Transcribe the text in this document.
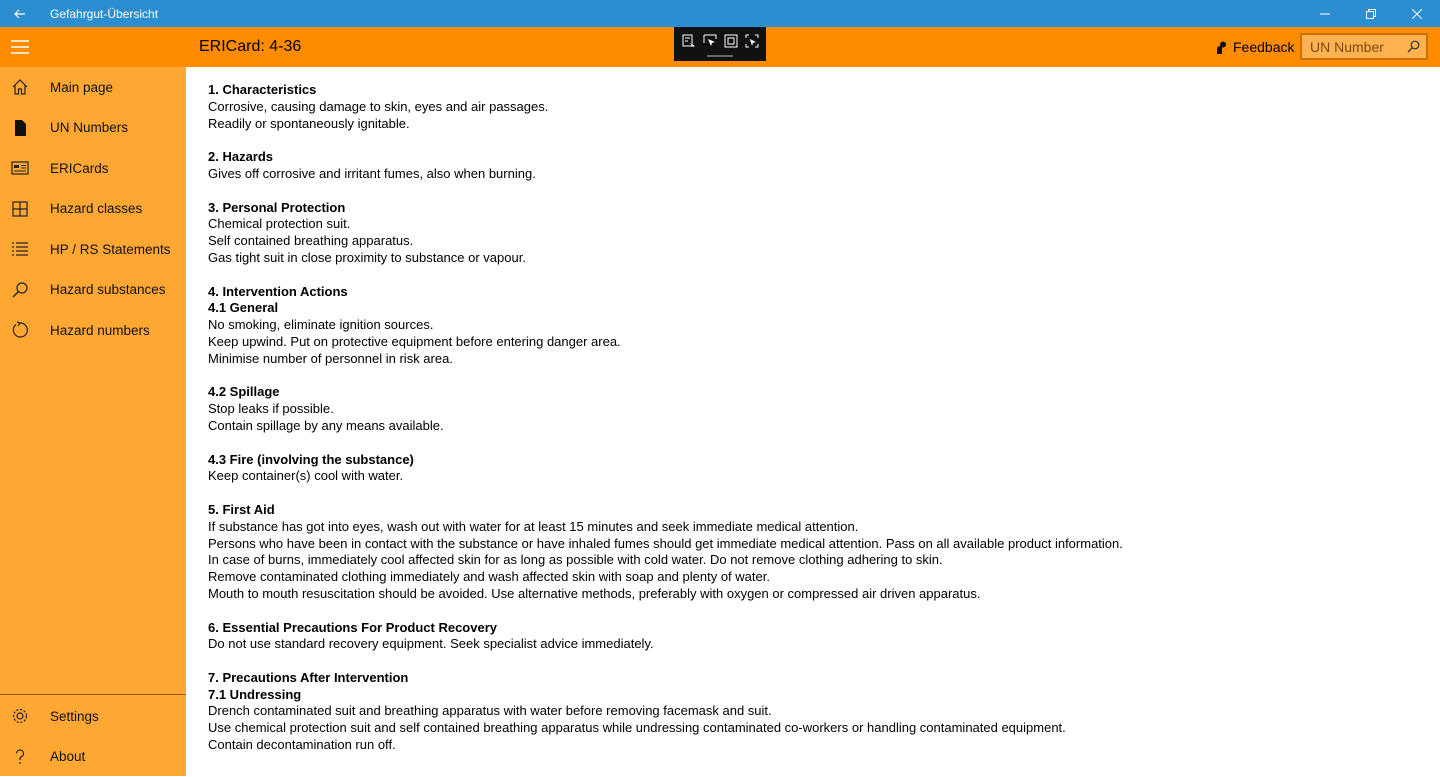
Gefahrgut-Übersicht
ERICard: 4-36	Feedback
UN Number
Main page
UN Numbers
ERICards
Hazard classes
HP / RS Statements
Hazard substances
Hazard numbers
Settings
About
1. Characteristics
Corrosive, causing damage to skin, eyes and air passages.
Readily or spontaneously ignitable.
2. Hazards
Gives off corrosive and irritant fumes, also when burning.
3. Personal Protection
Chemical protection suit.
Self contained breathing apparatus.
Gas tight suit in close proximity to substance or vapour.
4. Intervention Actions
4.1 General
No smoking, eliminate ignition sources.
Keep upwind. Put on protective equipment before entering danger area.
Minimise number of personnel in risk area.
4.2 Spillage
Stop leaks if possible.
Contain spillage by any means available.
4.3 Fire (involving the substance)
Keep container(s) cool with water.
5. First Aid
If substance has got into eyes, wash out with water for at least 15 minutes and seek immediate medical attention.
Persons who have been in contact with the substance or have inhaled fumes should get immediate medical attention. Pass on all available product information.
In case of burns, immediately cool affected skin for as long as possible with cold water. Do not remove clothing adhering to skin.
Remove contaminated clothing immediately and wash affected skin with soap and plenty of water.
Mouth to mouth resuscitation should be avoided. Use alternative methods, preferably with oxygen or compressed air driven apparatus.
6. Essential Precautions For Product Recovery
Do not use standard recovery equipment. Seek specialist advice immediately.
7. Precautions After Intervention
7.1 Undressing
Drench contaminated suit and breathing apparatus with water before removing facemask and suit.
Use chemical protection suit and self contained breathing apparatus while undressing contaminated co-workers or handling contaminated equipment.
Contain decontamination run off.
